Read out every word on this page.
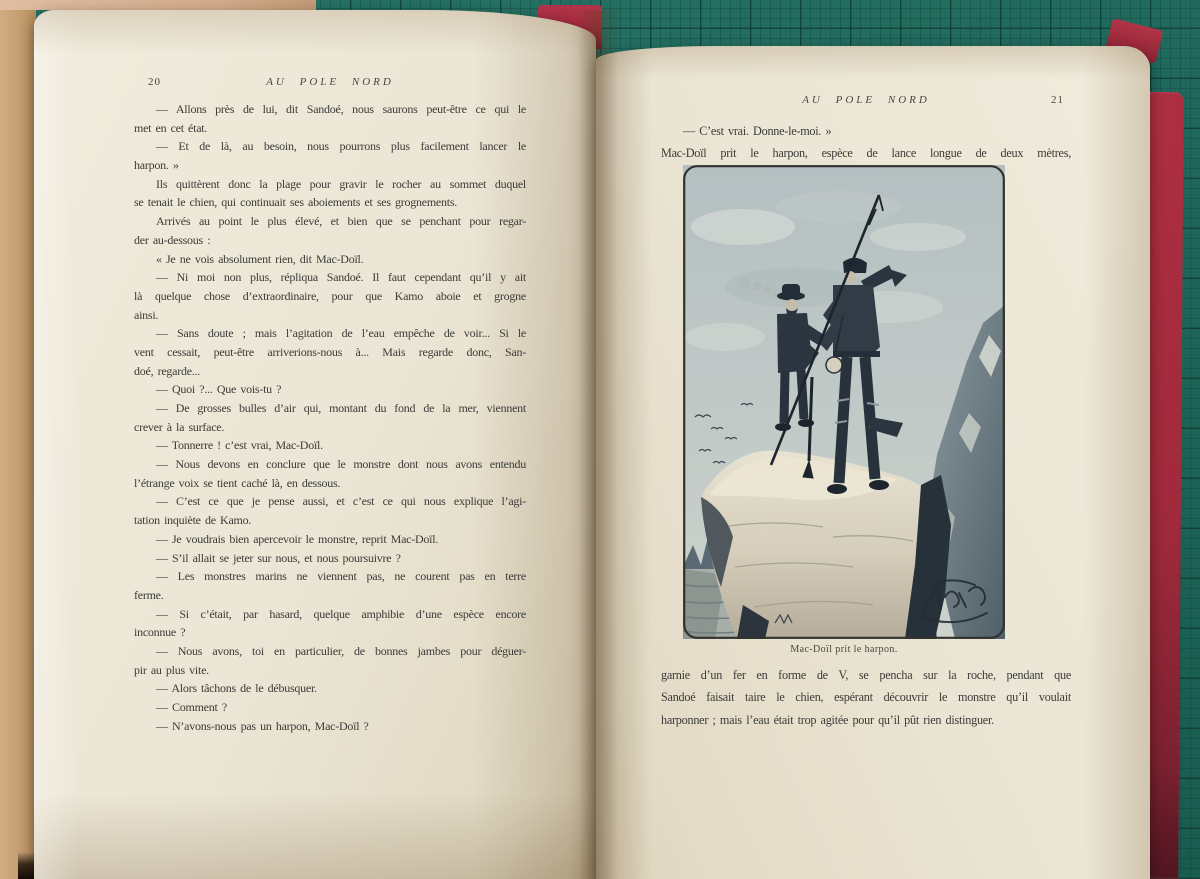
20	AU POLE NORD
— Allons près de lui, dit Sandoé, nous saurons peut-être ce qui le
met en cet état.
— Et de là, au besoin, nous pourrons plus facilement lancer le
harpon. »
Ils quittèrent donc la plage pour gravir le rocher au sommet duquel
se tenait le chien, qui continuait ses aboiements et ses grognements.
Arrivés au point le plus élevé, et bien que se penchant pour regar-
der au-dessous :
« Je ne vois absolument rien, dit Mac-Doïl.
— Ni moi non plus, répliqua Sandoé. Il faut cependant qu’il y ait
là quelque chose d’extraordinaire, pour que Kamo aboie et grogne
ainsi.
— Sans doute ; mais l’agitation de l’eau empêche de voir... Si le
vent cessait, peut-être arriverions-nous à... Mais regarde donc, San-
doé, regarde...
— Quoi ?... Que vois-tu ?
— De grosses bulles d’air qui, montant du fond de la mer, viennent
crever à la surface.
— Tonnerre ! c’est vrai, Mac-Doïl.
— Nous devons en conclure que le monstre dont nous avons entendu
l’étrange voix se tient caché là, en dessous.
— C’est ce que je pense aussi, et c’est ce qui nous explique l’agi-
tation inquiète de Kamo.
— Je voudrais bien apercevoir le monstre, reprit Mac-Doïl.
— S’il allait se jeter sur nous, et nous poursuivre ?
— Les monstres marins ne viennent pas, ne courent pas en terre
ferme.
— Si c’était, par hasard, quelque amphibie d’une espèce encore
inconnue ?
— Nous avons, toi en particulier, de bonnes jambes pour déguer-
pir au plus vite.
— Alors tâchons de le débusquer.
— Comment ?
— N’avons-nous pas un harpon, Mac-Doïl ?
AU POLE NORD	21
— C’est vrai. Donne-le-moi. »
Mac-Doïl prit le harpon, espèce de lance longue de deux mètres,
Mac-Doïl prit le harpon.
garnie d’un fer en forme de V, se pencha sur la roche, pendant que
Sandoé faisait taire le chien, espérant découvrir le monstre qu’il voulait
harponner ; mais l’eau était trop agitée pour qu’il pût rien distinguer.
